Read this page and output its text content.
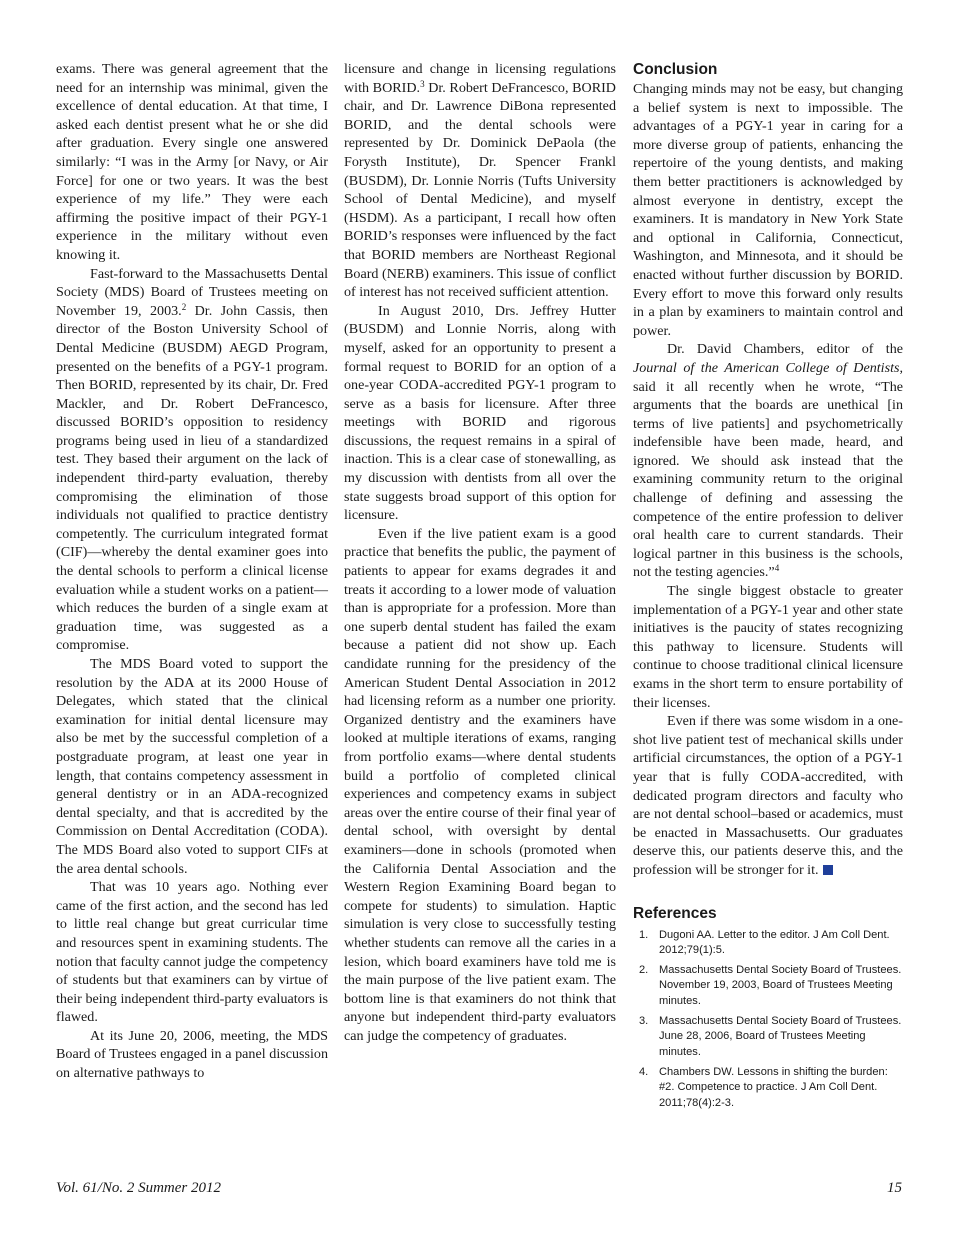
exams. There was general agreement that the need for an internship was minimal, given the excellence of dental education. At that time, I asked each dentist present what he or she did after graduation. Every single one answered similarly: “I was in the Army [or Navy, or Air Force] for one or two years. It was the best experience of my life.” They were each affirming the positive impact of their PGY-1 experience in the military without even knowing it.

Fast-forward to the Massachusetts Dental Society (MDS) Board of Trustees meeting on November 19, 2003.$^2$ Dr. John Cassis, then director of the Boston University School of Dental Medicine (BUSDM) AEGD Program, presented on the benefits of a PGY-1 program. Then BORID, represented by its chair, Dr. Fred Mackler, and Dr. Robert DeFrancesco, discussed BORID’s opposition to residency programs being used in lieu of a standardized test. They based their argument on the lack of independent third-party evaluation, thereby compromising the elimination of those individuals not qualified to practice dentistry competently. The curriculum integrated format (CIF)—whereby the dental examiner goes into the dental schools to perform a clinical license evaluation while a student works on a patient—which reduces the burden of a single exam at graduation time, was suggested as a compromise.

The MDS Board voted to support the resolution by the ADA at its 2000 House of Delegates, which stated that the clinical examination for initial dental licensure may also be met by the successful completion of a postgraduate program, at least one year in length, that contains competency assessment in general dentistry or in an ADA-recognized dental specialty, and that is accredited by the Commission on Dental Accreditation (CODA). The MDS Board also voted to support CIFs at the area dental schools.

That was 10 years ago. Nothing ever came of the first action, and the second has led to little real change but great curricular time and resources spent in examining students. The notion that faculty cannot judge the competency of students but that examiners can by virtue of their being independent third-party evaluators is flawed.

At its June 20, 2006, meeting, the MDS Board of Trustees engaged in a panel discussion on alternative pathways to

licensure and change in licensing regulations with BORID.$^3$ Dr. Robert DeFrancesco, BORID chair, and Dr. Lawrence DiBona represented BORID, and the dental schools were represented by Dr. Dominick DePaola (the Forysth Institute), Dr. Spencer Frankl (BUSDM), Dr. Lonnie Norris (Tufts University School of Dental Medicine), and myself (HSDM). As a participant, I recall how often BORID’s responses were influenced by the fact that BORID members are Northeast Regional Board (NERB) examiners. This issue of conflict of interest has not received sufficient attention.

In August 2010, Drs. Jeffrey Hutter (BUSDM) and Lonnie Norris, along with myself, asked for an opportunity to present a formal request to BORID for an option of a one-year CODA-accredited PGY-1 program to serve as a basis for licensure. After three meetings with BORID and rigorous discussions, the request remains in a spiral of inaction. This is a clear case of stonewalling, as my discussion with dentists from all over the state suggests broad support of this option for licensure.

Even if the live patient exam is a good practice that benefits the public, the payment of patients to appear for exams degrades it and treats it according to a lower mode of valuation than is appropriate for a profession. More than one superb dental student has failed the exam because a patient did not show up. Each candidate running for the presidency of the American Student Dental Association in 2012 had licensing reform as a number one priority. Organized dentistry and the examiners have looked at multiple iterations of exams, ranging from portfolio exams—where dental students build a portfolio of completed clinical experiences and competency exams in subject areas over the entire course of their final year of dental school, with oversight by dental examiners—done in schools (promoted when the California Dental Association and the Western Region Examining Board began to compete for students) to simulation. Haptic simulation is very close to successfully testing whether students can remove all the caries in a lesion, which board examiners have told me is the main purpose of the live patient exam. The bottom line is that examiners do not think that anyone but independent third-party evaluators can judge the competency of graduates.

Conclusion

Changing minds may not be easy, but changing a belief system is next to impossible. The advantages of a PGY-1 year in caring for a more diverse group of patients, enhancing the repertoire of the young dentists, and making them better practitioners is acknowledged by almost everyone in dentistry, except the examiners. It is mandatory in New York State and optional in California, Connecticut, Washington, and Minnesota, and it should be enacted without further discussion by BORID. Every effort to move this forward only results in a plan by examiners to maintain control and power.

Dr. David Chambers, editor of the Journal of the American College of Dentists, said it all recently when he wrote, “The arguments that the boards are unethical [in terms of live patients] and psychometrically indefensible have been made, heard, and ignored. We should ask instead that the examining community return to the original challenge of defining and assessing the competence of the entire profession to deliver oral health care to current standards. Their logical partner in this business is the schools, not the testing agencies.”$^4$

The single biggest obstacle to greater implementation of a PGY-1 year and other state initiatives is the paucity of states recognizing this pathway to licensure. Students will continue to choose traditional clinical licensure exams in the short term to ensure portability of their licenses.

Even if there was some wisdom in a one-shot live patient test of mechanical skills under artificial circumstances, the option of a PGY-1 year that is fully CODA-accredited, with dedicated program directors and faculty who are not dental school–based or academics, must be enacted in Massachusetts. Our graduates deserve this, our patients deserve this, and the profession will be stronger for it.

References
1. Dugoni AA. Letter to the editor. J Am Coll Dent. 2012;79(1):5.
2. Massachusetts Dental Society Board of Trustees. November 19, 2003, Board of Trustees Meeting minutes.
3. Massachusetts Dental Society Board of Trustees. June 28, 2006, Board of Trustees Meeting minutes.
4. Chambers DW. Lessons in shifting the burden: #2. Competence to practice. J Am Coll Dent. 2011;78(4):2-3.
Vol. 61/No. 2 Summer 2012	15
